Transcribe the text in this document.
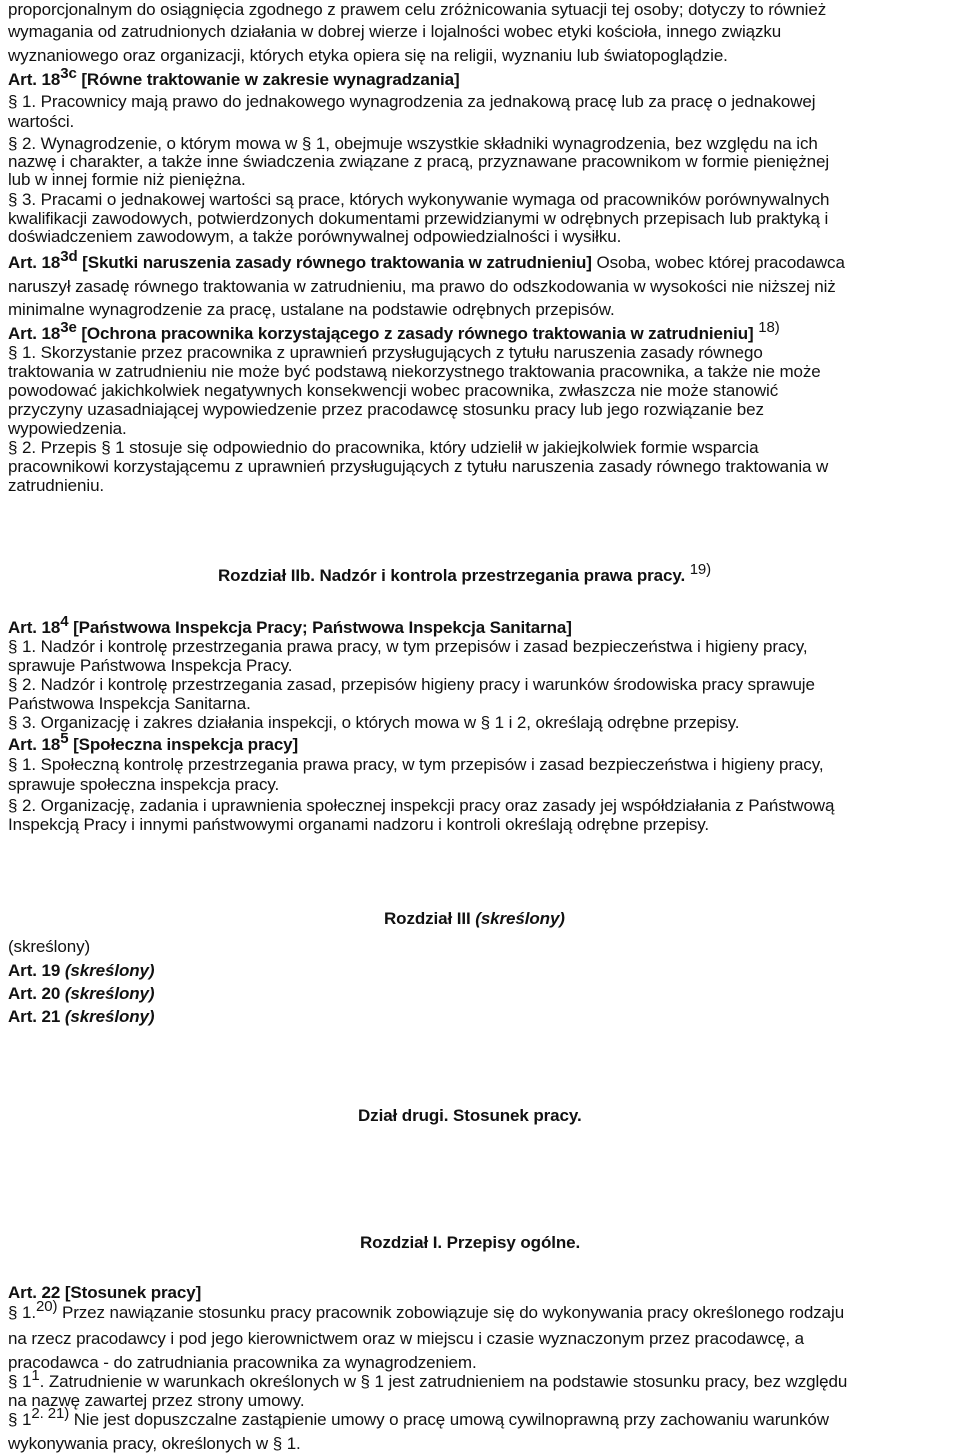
proporcjonalnym do osiągnięcia zgodnego z prawem celu zróżnicowania sytuacji tej osoby; dotyczy to również
wymagania od zatrudnionych działania w dobrej wierze i lojalności wobec etyki kościoła, innego związku
wyznaniowego oraz organizacji, których etyka opiera się na religii, wyznaniu lub światopoglądzie.
Art. $18^{3c}$ [Równe traktowanie w zakresie wynagradzania]
§ 1. Pracownicy mają prawo do jednakowego wynagrodzenia za jednakową pracę lub za pracę o jednakowej
wartości.
§ 2. Wynagrodzenie, o którym mowa w § 1, obejmuje wszystkie składniki wynagrodzenia, bez względu na ich
nazwę i charakter, a także inne świadczenia związane z pracą, przyznawane pracownikom w formie pieniężnej
lub w innej formie niż pieniężna.
§ 3. Pracami o jednakowej wartości są prace, których wykonywanie wymaga od pracowników porównywalnych
kwalifikacji zawodowych, potwierdzonych dokumentami przewidzianymi w odrębnych przepisach lub praktyką i
doświadczeniem zawodowym, a także porównywalnej odpowiedzialności i wysiłku.
Art. $18^{3d}$ [Skutki naruszenia zasady równego traktowania w zatrudnieniu] Osoba, wobec której pracodawca
naruszył zasadę równego traktowania w zatrudnieniu, ma prawo do odszkodowania w wysokości nie niższej niż
minimalne wynagrodzenie za pracę, ustalane na podstawie odrębnych przepisów.
Art. $18^{3e}$ [Ochrona pracownika korzystającego z zasady równego traktowania w zatrudnieniu] $^{18)}$
§ 1. Skorzystanie przez pracownika z uprawnień przysługujących z tytułu naruszenia zasady równego
traktowania w zatrudnieniu nie może być podstawą niekorzystnego traktowania pracownika, a także nie może
powodować jakichkolwiek negatywnych konsekwencji wobec pracownika, zwłaszcza nie może stanowić
przyczyny uzasadniającej wypowiedzenie przez pracodawcę stosunku pracy lub jego rozwiązanie bez
wypowiedzenia.
§ 2. Przepis § 1 stosuje się odpowiednio do pracownika, który udzielił w jakiejkolwiek formie wsparcia
pracownikowi korzystającemu z uprawnień przysługujących z tytułu naruszenia zasady równego traktowania w
zatrudnieniu.
Rozdział IIb. Nadzór i kontrola przestrzegania prawa pracy. $^{19)}$
Art. $18^4$ [Państwowa Inspekcja Pracy; Państwowa Inspekcja Sanitarna]
§ 1. Nadzór i kontrolę przestrzegania prawa pracy, w tym przepisów i zasad bezpieczeństwa i higieny pracy,
sprawuje Państwowa Inspekcja Pracy.
§ 2. Nadzór i kontrolę przestrzegania zasad, przepisów higieny pracy i warunków środowiska pracy sprawuje
Państwowa Inspekcja Sanitarna.
§ 3. Organizację i zakres działania inspekcji, o których mowa w § 1 i 2, określają odrębne przepisy.
Art. $18^5$ [Społeczna inspekcja pracy]
§ 1. Społeczną kontrolę przestrzegania prawa pracy, w tym przepisów i zasad bezpieczeństwa i higieny pracy,
sprawuje społeczna inspekcja pracy.
§ 2. Organizację, zadania i uprawnienia społecznej inspekcji pracy oraz zasady jej współdziałania z Państwową
Inspekcją Pracy i innymi państwowymi organami nadzoru i kontroli określają odrębne przepisy.
Rozdział III (skreślony)
(skreślony)
Art. 19 (skreślony)
Art. 20 (skreślony)
Art. 21 (skreślony)
Dział drugi. Stosunek pracy.
Rozdział I. Przepisy ogólne.
Art. 22 [Stosunek pracy]
§ 1.$^{20)}$ Przez nawiązanie stosunku pracy pracownik zobowiązuje się do wykonywania pracy określonego rodzaju
na rzecz pracodawcy i pod jego kierownictwem oraz w miejscu i czasie wyznaczonym przez pracodawcę, a
pracodawca - do zatrudniania pracownika za wynagrodzeniem.
§ $1^1$. Zatrudnienie w warunkach określonych w § 1 jest zatrudnieniem na podstawie stosunku pracy, bez względu
na nazwę zawartej przez strony umowy.
§ $1^{2. 21)}$ Nie jest dopuszczalne zastąpienie umowy o pracę umową cywilnoprawną przy zachowaniu warunków
wykonywania pracy, określonych w § 1.
